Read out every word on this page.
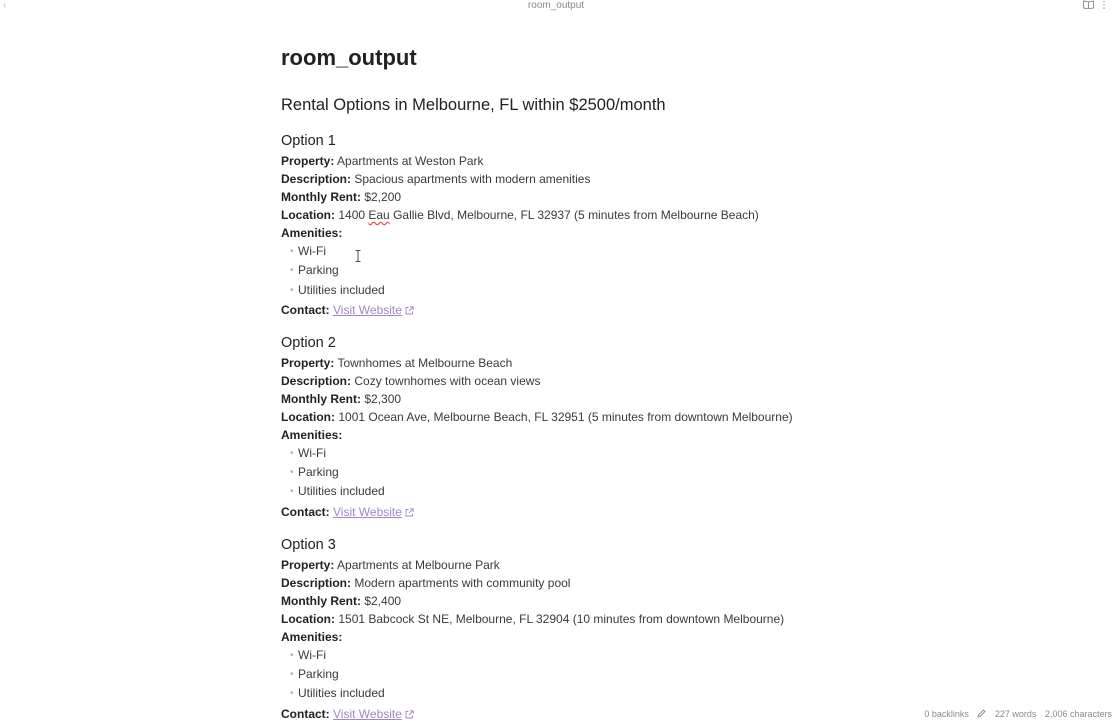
‹	room_output	⋮
room_output
Rental Options in Melbourne, FL within $2500/month
Option 1
Property: Apartments at Weston Park
Description: Spacious apartments with modern amenities
Monthly Rent: $2,200
Location: 1400 Eau Gallie Blvd, Melbourne, FL 32937 (5 minutes from Melbourne Beach)
Amenities:
• Wi-Fi
• Parking
• Utilities included
Contact: Visit Website
Option 2
Property: Townhomes at Melbourne Beach
Description: Cozy townhomes with ocean views
Monthly Rent: $2,300
Location: 1001 Ocean Ave, Melbourne Beach, FL 32951 (5 minutes from downtown Melbourne)
Amenities:
• Wi-Fi
• Parking
• Utilities included
Contact: Visit Website
Option 3
Property: Apartments at Melbourne Park
Description: Modern apartments with community pool
Monthly Rent: $2,400
Location: 1501 Babcock St NE, Melbourne, FL 32904 (10 minutes from downtown Melbourne)
Amenities:
• Wi-Fi
• Parking
• Utilities included
Contact: Visit Website	0 backlinks	227 words 2,006 characters
